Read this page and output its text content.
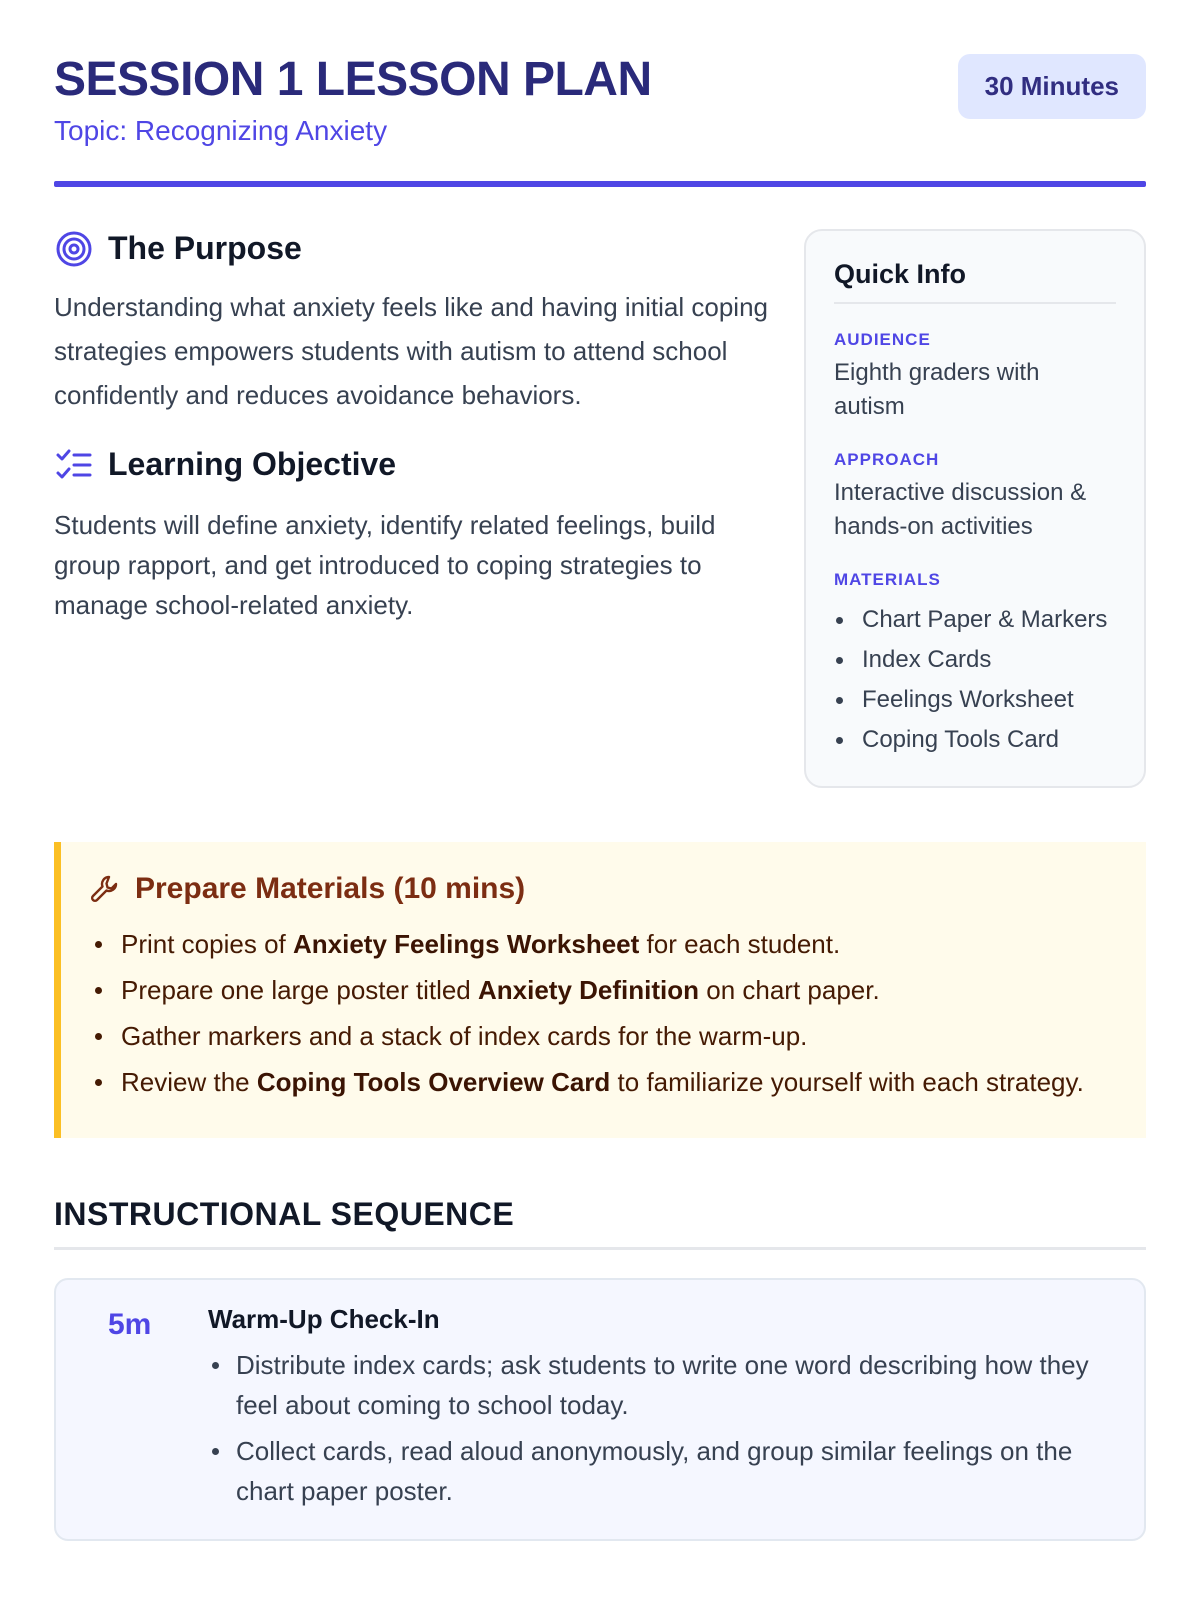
SESSION 1 LESSON PLAN
Topic: Recognizing Anxiety
30 Minutes
The Purpose

Understanding what anxiety feels like and having initial coping strategies empowers students with autism to attend school confidently and reduces avoidance behaviors.

Learning Objective

Students will define anxiety, identify related feelings, build group rapport, and get introduced to coping strategies to manage school-related anxiety.

Quick Info
AUDIENCE
Eighth graders with autism
APPROACH
Interactive discussion & hands-on activities
MATERIALS
Chart Paper & Markers
Index Cards
Feelings Worksheet
Coping Tools Card
Prepare Materials (10 mins)
Print copies of Anxiety Feelings Worksheet for each student.
Prepare one large poster titled Anxiety Definition on chart paper.
Gather markers and a stack of index cards for the warm-up.
Review the Coping Tools Overview Card to familiarize yourself with each strategy.
INSTRUCTIONAL SEQUENCE
5m	Warm-Up Check-In
Distribute index cards; ask students to write one word describing how they feel about coming to school today.
Collect cards, read aloud anonymously, and group similar feelings on the chart paper poster.
